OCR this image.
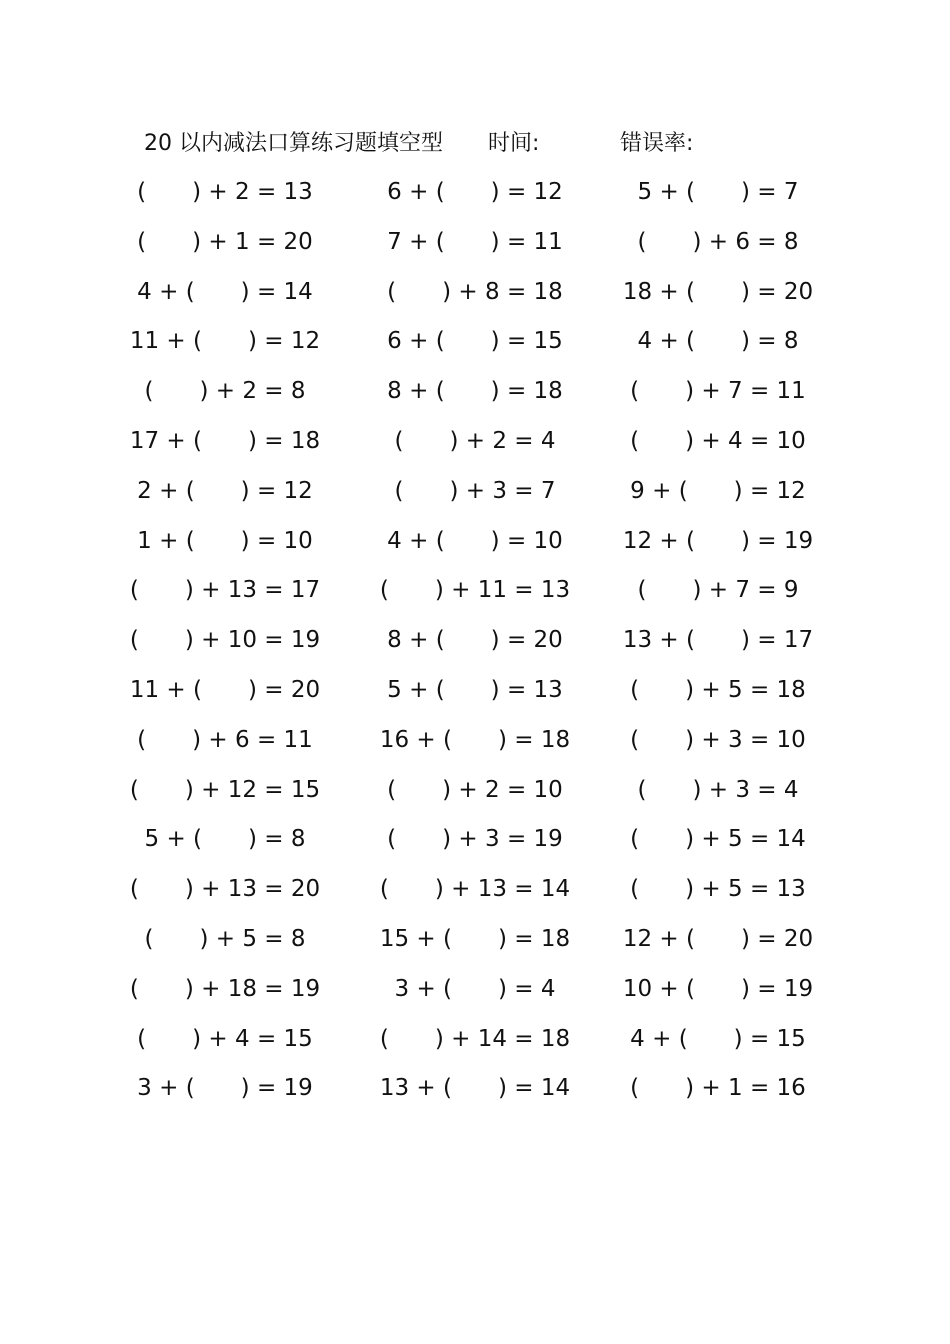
20 以内减法口算练习题填空型 时间:	错误率:
(　　) + 2 = 13	6 + (　　) = 12	5 + (　　) = 7
(　　) + 1 = 20	7 + (　　) = 11	(　　) + 6 = 8
4 + (　　) = 14	(　　) + 8 = 18	18 + (　　) = 20
11 + (　　) = 12	6 + (　　) = 15	4 + (　　) = 8
(　　) + 2 = 8	8 + (　　) = 18	(　　) + 7 = 11
17 + (　　) = 18	(　　) + 2 = 4	(　　) + 4 = 10
2 + (　　) = 12	(　　) + 3 = 7	9 + (　　) = 12
1 + (　　) = 10	4 + (　　) = 10	12 + (　　) = 19
(　　) + 13 = 17	(　　) + 11 = 13	(　　) + 7 = 9
(　　) + 10 = 19	8 + (　　) = 20	13 + (　　) = 17
11 + (　　) = 20	5 + (　　) = 13	(　　) + 5 = 18
(　　) + 6 = 11	16 + (　　) = 18	(　　) + 3 = 10
(　　) + 12 = 15	(　　) + 2 = 10	(　　) + 3 = 4
5 + (　　) = 8	(　　) + 3 = 19	(　　) + 5 = 14
(　　) + 13 = 20	(　　) + 13 = 14	(　　) + 5 = 13
(　　) + 5 = 8	15 + (　　) = 18	12 + (　　) = 20
(　　) + 18 = 19	3 + (　　) = 4	10 + (　　) = 19
(　　) + 4 = 15	(　　) + 14 = 18	4 + (　　) = 15
3 + (　　) = 19	13 + (　　) = 14	(　　) + 1 = 16
